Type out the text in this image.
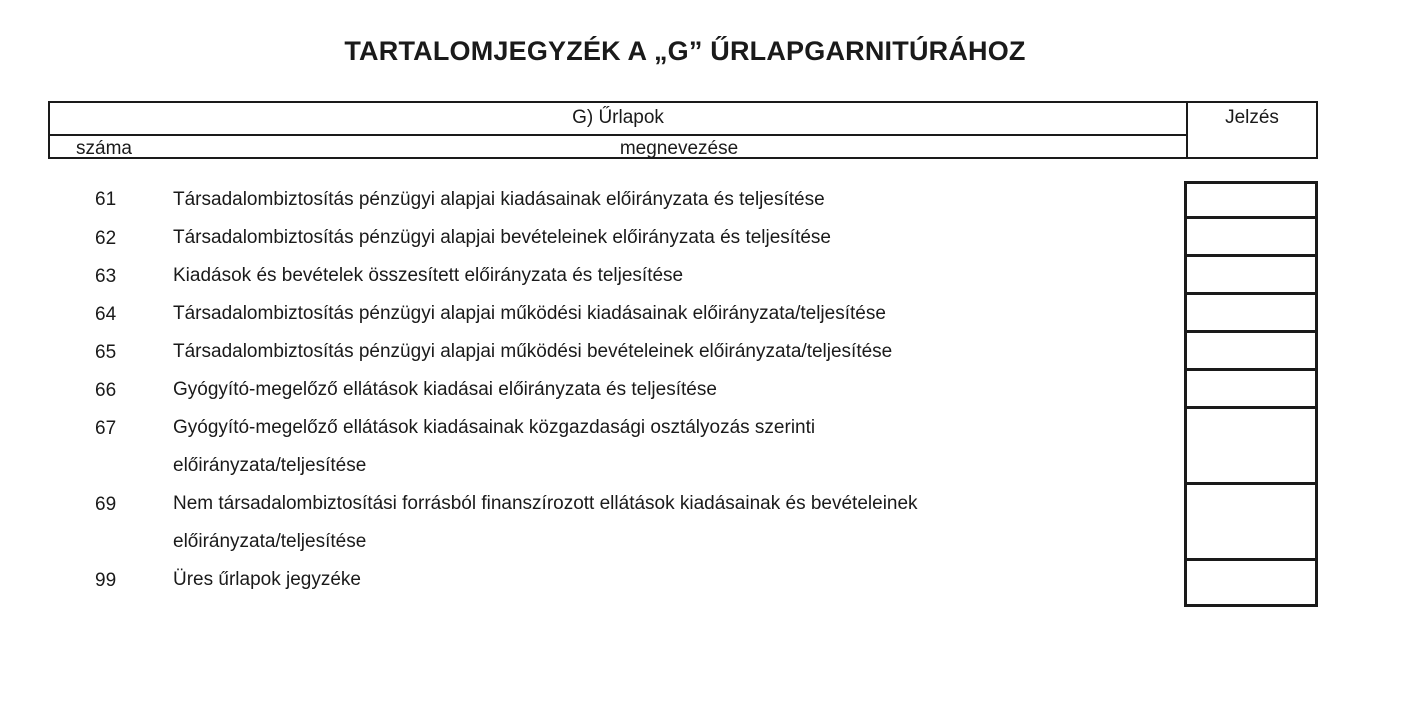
TARTALOMJEGYZÉK A „G” ŰRLAPGARNITÚRÁHOZ
G) Űrlapok
száma	megnevezése
Jelzés
61	Társadalombiztosítás pénzügyi alapjai kiadásainak előirányzata és teljesítése
62	Társadalombiztosítás pénzügyi alapjai bevételeinek előirányzata és teljesítése
63	Kiadások és bevételek összesített előirányzata és teljesítése
64	Társadalombiztosítás pénzügyi alapjai működési kiadásainak előirányzata/teljesítése
65	Társadalombiztosítás pénzügyi alapjai működési bevételeinek előirányzata/teljesítése
66	Gyógyító-megelőző ellátások kiadásai előirányzata és teljesítése
67	Gyógyító-megelőző ellátások kiadásainak közgazdasági osztályozás szerinti előirányzata/teljesítése
69	Nem társadalombiztosítási forrásból finanszírozott ellátások kiadásainak és bevételeinek előirányzata/teljesítése
99	Üres űrlapok jegyzéke
